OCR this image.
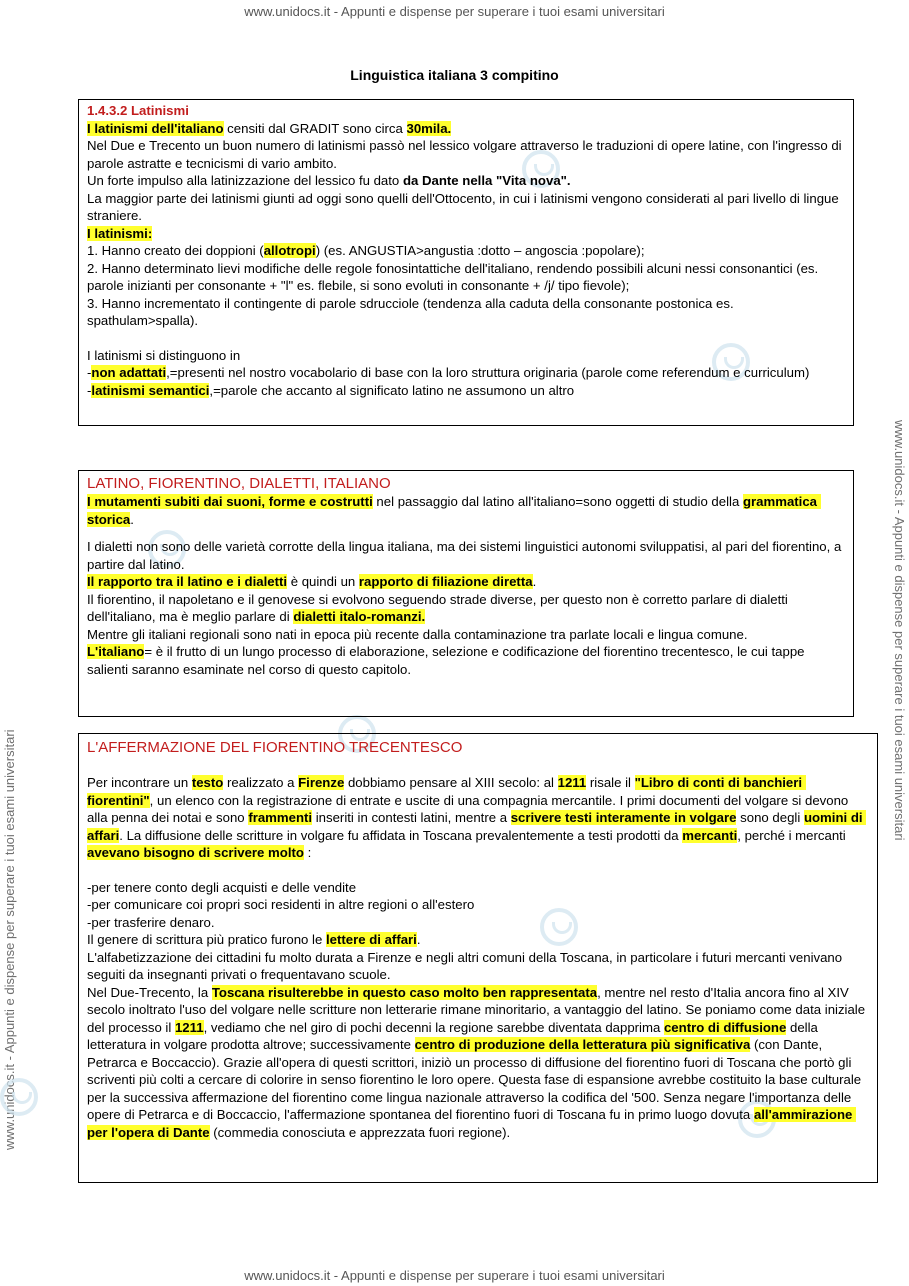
www.unidocs.it - Appunti e dispense per superare i tuoi esami universitari
www.unidocs.it - Appunti e dispense per superare i tuoi esami universitari
www.unidocs.it - Appunti e dispense per superare i tuoi esami universitari
Linguistica italiana 3 compitino

1.4.3.2 Latinismi

I latinismi dell'italiano censiti dal GRADIT sono circa 30mila.

Nel Due e Trecento un buon numero di latinismi passò nel lessico volgare attraverso le traduzioni di opere latine, con l'ingresso di parole astratte e tecnicismi di vario ambito.

Un forte impulso alla latinizzazione del lessico fu dato da Dante nella "Vita nova".

La maggior parte dei latinismi giunti ad oggi sono quelli dell'Ottocento, in cui i latinismi vengono considerati al pari livello di lingue straniere.

I latinismi:

1. Hanno creato dei doppioni (allotropi) (es. ANGUSTIA>angustia :dotto – angoscia :popolare);

2. Hanno determinato lievi modifiche delle regole fonosintattiche dell'italiano, rendendo possibili alcuni nessi consonantici (es. parole inizianti per consonante + "l" es. flebile, si sono evoluti in consonante + /j/ tipo fievole);

3. Hanno incrementato il contingente di parole sdrucciole (tendenza alla caduta della consonante postonica es. spathulam>spalla).

I latinismi si distinguono in

-non adattati,=presenti nel nostro vocabolario di base con la loro struttura originaria (parole come referendum e curriculum)

-latinismi semantici,=parole che accanto al significato latino ne assumono un altro

LATINO, FIORENTINO, DIALETTI, ITALIANO

I mutamenti subiti dai suoni, forme e costrutti nel passaggio dal latino all'italiano=sono oggetti di studio della grammatica storica.

I dialetti non sono delle varietà corrotte della lingua italiana, ma dei sistemi linguistici autonomi sviluppatisi, al pari del fiorentino, a partire dal latino.

Il rapporto tra il latino e i dialetti è quindi un rapporto di filiazione diretta.

Il fiorentino, il napoletano e il genovese si evolvono seguendo strade diverse, per questo non è corretto parlare di dialetti dell'italiano, ma è meglio parlare di dialetti italo-romanzi.

Mentre gli italiani regionali sono nati in epoca più recente dalla contaminazione tra parlate locali e lingua comune.

L'italiano= è il frutto di un lungo processo di elaborazione, selezione e codificazione del fiorentino trecentesco, le cui tappe salienti saranno esaminate nel corso di questo capitolo.

L'AFFERMAZIONE DEL FIORENTINO TRECENTESCO

Per incontrare un testo realizzato a Firenze dobbiamo pensare al XIII secolo: al 1211 risale il "Libro di conti di banchieri fiorentini", un elenco con la registrazione di entrate e uscite di una compagnia mercantile. I primi documenti del volgare si devono alla penna dei notai e sono frammenti inseriti in contesti latini, mentre a scrivere testi interamente in volgare sono degli uomini di affari. La diffusione delle scritture in volgare fu affidata in Toscana prevalentemente a testi prodotti da mercanti, perché i mercanti avevano bisogno di scrivere molto :

-per tenere conto degli acquisti e delle vendite

-per comunicare coi propri soci residenti in altre regioni o all'estero

-per trasferire denaro.

Il genere di scrittura più pratico furono le lettere di affari.

L'alfabetizzazione dei cittadini fu molto durata a Firenze e negli altri comuni della Toscana, in particolare i futuri mercanti venivano seguiti da insegnanti privati o frequentavano scuole.

Nel Due-Trecento, la Toscana risulterebbe in questo caso molto ben rappresentata, mentre nel resto d'Italia ancora fino al XIV secolo inoltrato l'uso del volgare nelle scritture non letterarie rimane minoritario, a vantaggio del latino. Se poniamo come data iniziale del processo il 1211, vediamo che nel giro di pochi decenni la regione sarebbe diventata dapprima centro di diffusione della letteratura in volgare prodotta altrove; successivamente centro di produzione della letteratura più significativa (con Dante, Petrarca e Boccaccio). Grazie all'opera di questi scrittori, iniziò un processo di diffusione del fiorentino fuori di Toscana che portò gli scriventi più colti a cercare di colorire in senso fiorentino le loro opere. Questa fase di espansione avrebbe costituito la base culturale per la successiva affermazione del fiorentino come lingua nazionale attraverso la codifica del '500. Senza negare l'importanza delle opere di Petrarca e di Boccaccio, l'affermazione spontanea del fiorentino fuori di Toscana fu in primo luogo dovuta all'ammirazione per l'opera di Dante (commedia conosciuta e apprezzata fuori regione).

www.unidocs.it - Appunti e dispense per superare i tuoi esami universitari
